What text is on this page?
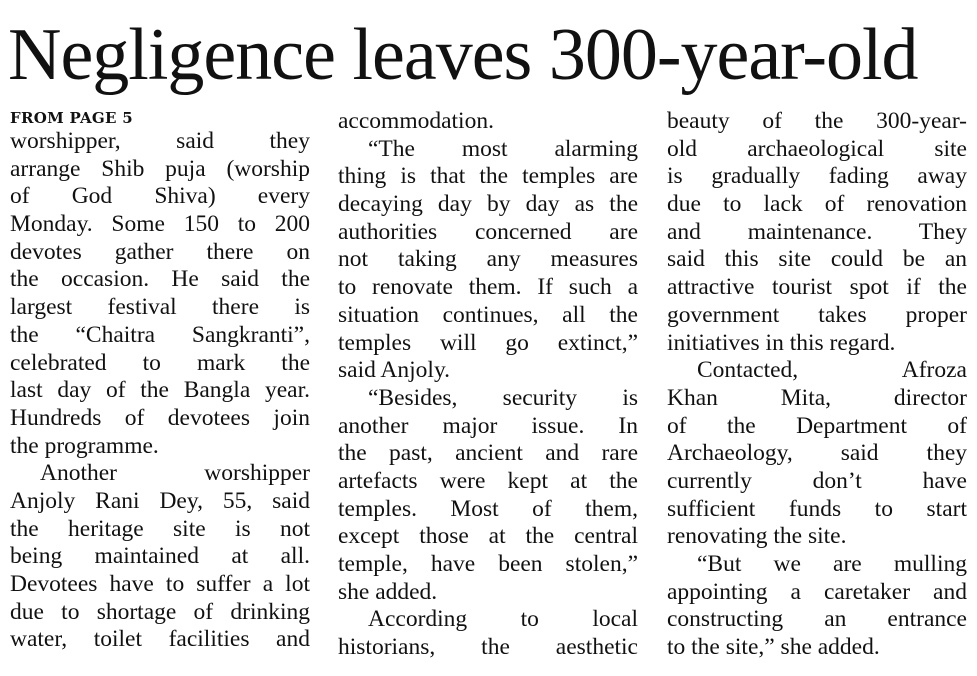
Negligence leaves 300-year-old
FROM PAGE 5
worshipper, said they
arrange Shib puja (worship
of God Shiva) every
Monday. Some 150 to 200
devotes gather there on
the occasion. He said the
largest festival there is
the “Chaitra Sangkranti”,
celebrated to mark the
last day of the Bangla year.
Hundreds of devotees join
the programme.
Another worshipper
Anjoly Rani Dey, 55, said
the heritage site is not
being maintained at all.
Devotees have to suffer a lot
due to shortage of drinking
water, toilet facilities and
accommodation.
“The most alarming
thing is that the temples are
decaying day by day as the
authorities concerned are
not taking any measures
to renovate them. If such a
situation continues, all the
temples will go extinct,”
said Anjoly.
“Besides, security is
another major issue. In
the past, ancient and rare
artefacts were kept at the
temples. Most of them,
except those at the central
temple, have been stolen,”
she added.
According to local
historians, the aesthetic
beauty of the 300-year-
old archaeological site
is gradually fading away
due to lack of renovation
and maintenance. They
said this site could be an
attractive tourist spot if the
government takes proper
initiatives in this regard.
Contacted, Afroza
Khan Mita, director
of the Department of
Archaeology, said they
currently don’t have
sufficient funds to start
renovating the site.
“But we are mulling
appointing a caretaker and
constructing an entrance
to the site,” she added.
